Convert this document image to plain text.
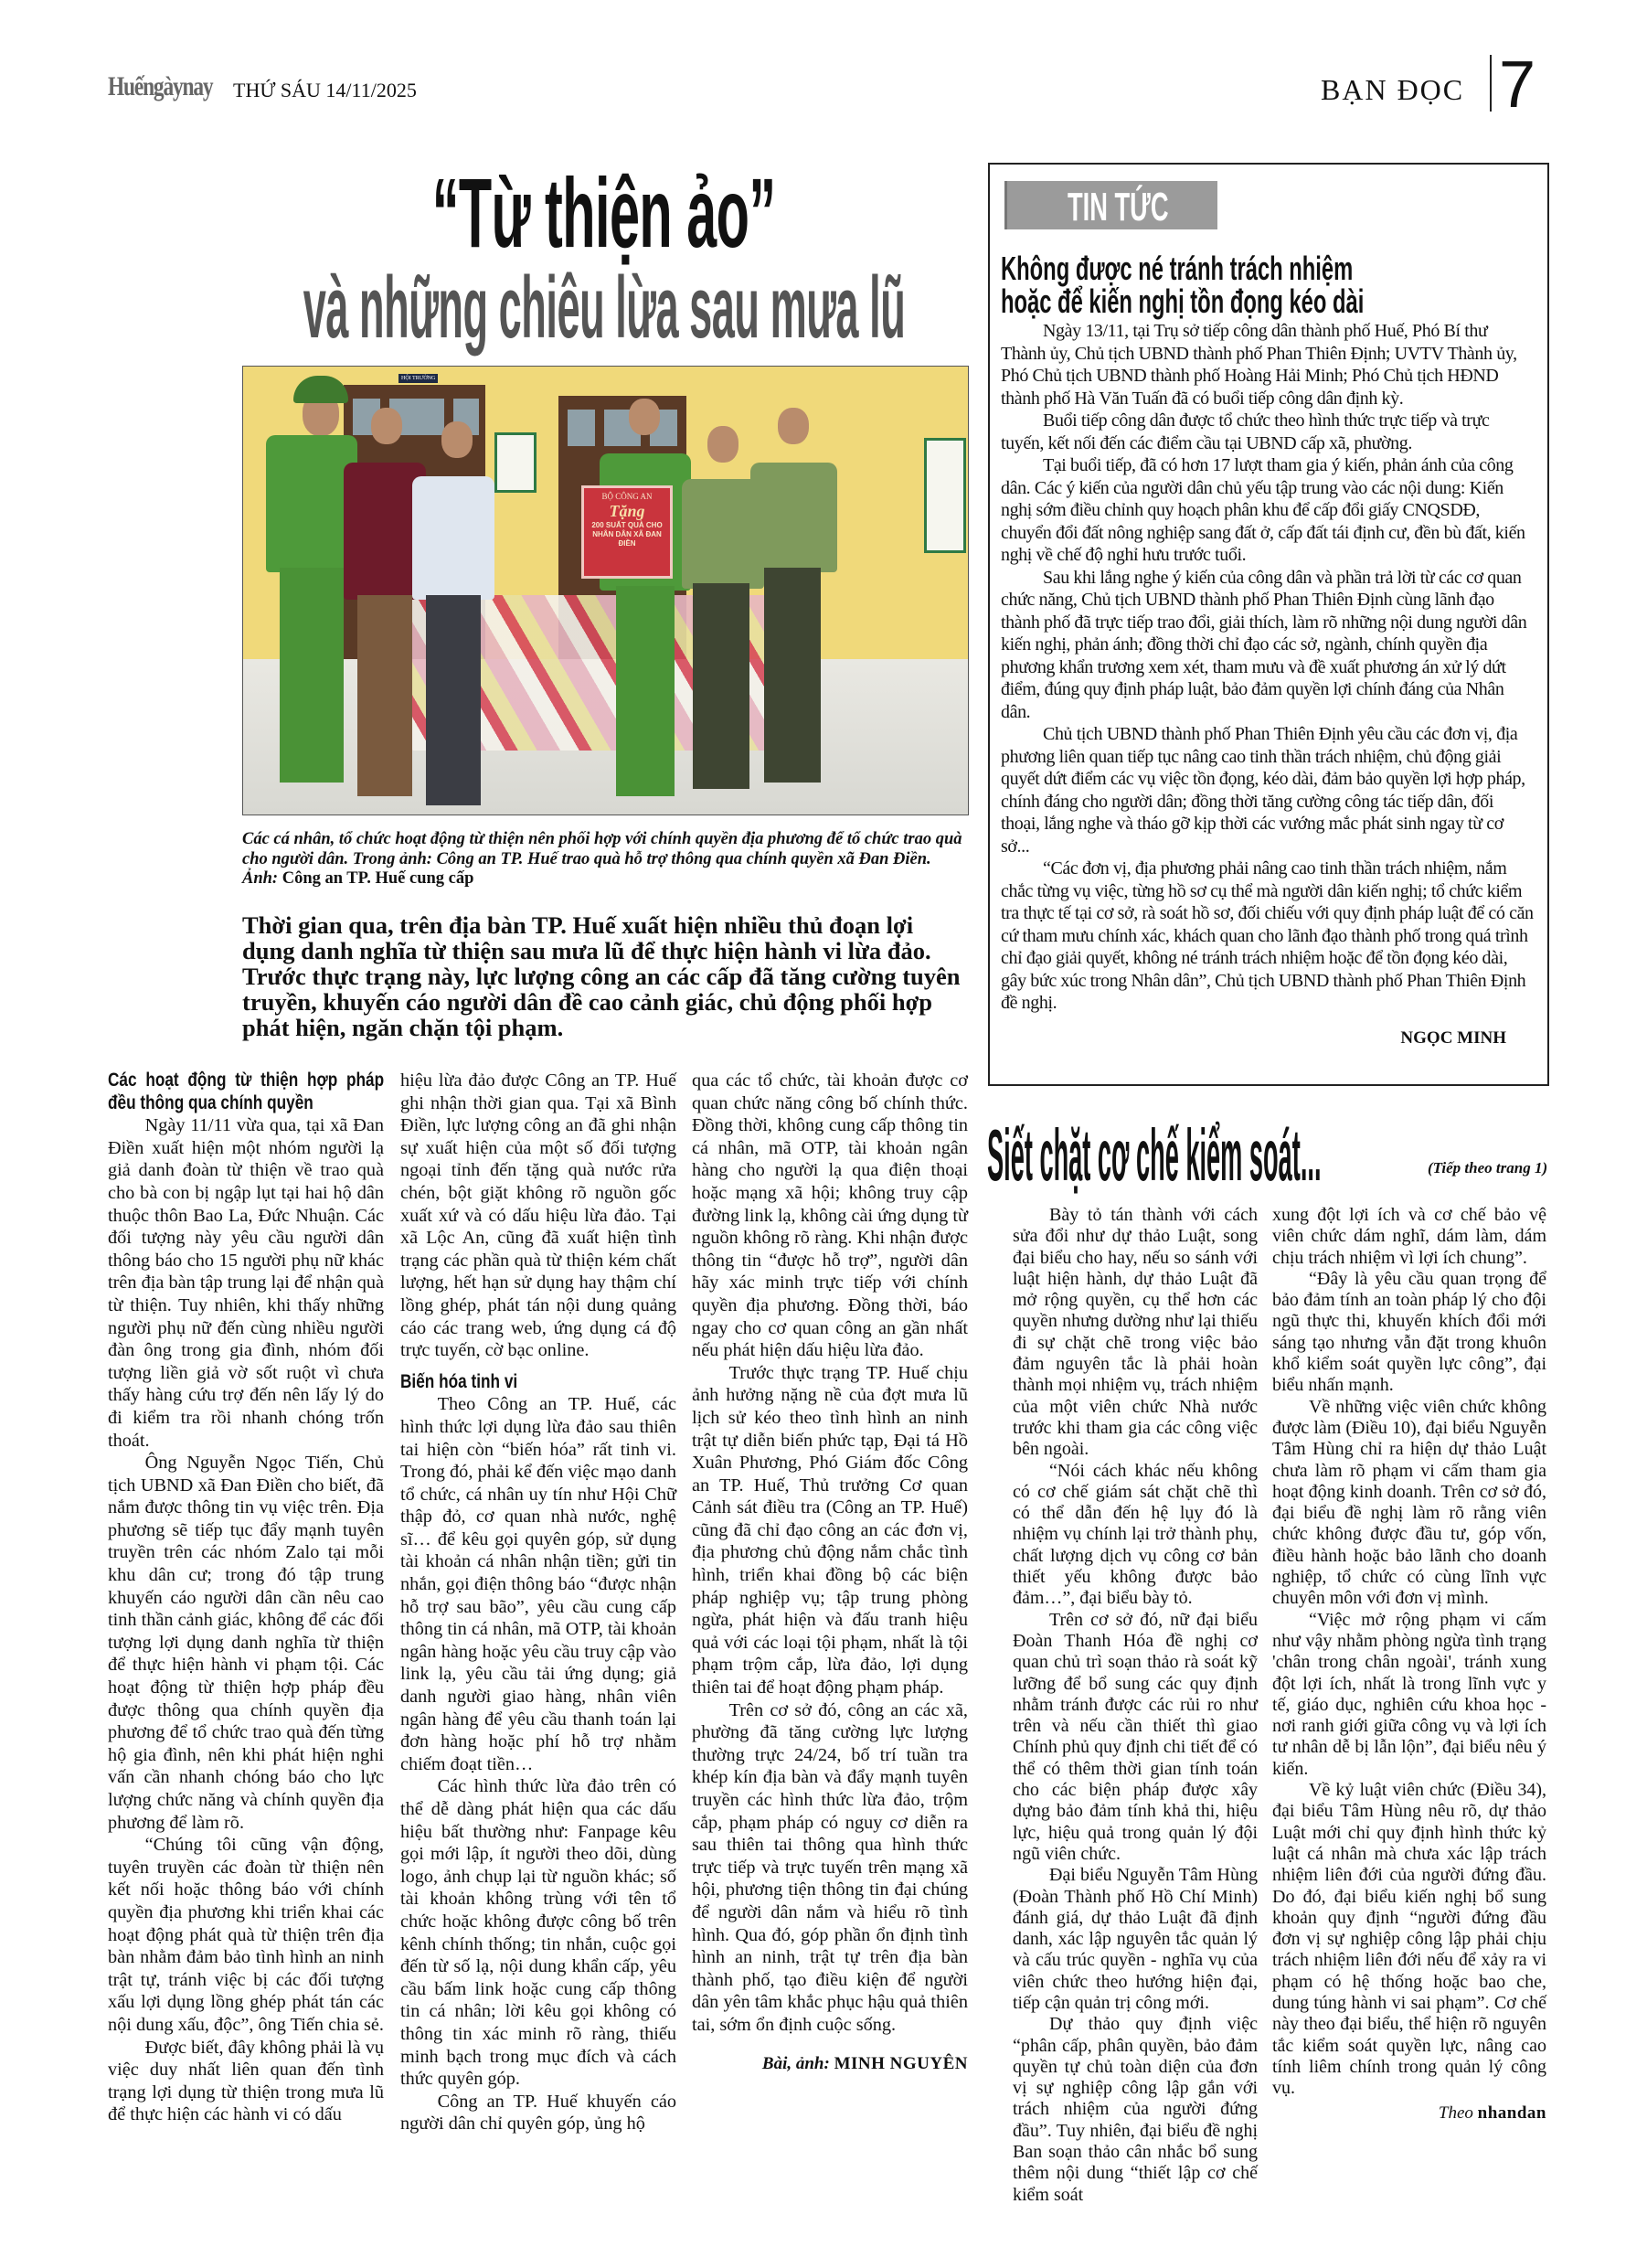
Huếngàynay THỨ SÁU 14/11/2025	BẠN ĐỌC 7
“Từ thiện ảo”
và những chiêu lừa sau mưa lũ
HỘI TRƯỜNG
BỘ CÔNG AN
Tặng
200 SUẤT QUÀ CHO
NHÂN DÂN XÃ ĐAN ĐIỀN
Các cá nhân, tổ chức hoạt động từ thiện nên phối hợp với chính quyền địa phương để tổ chức trao quà cho người dân. Trong ảnh: Công an TP. Huế trao quà hỗ trợ thông qua chính quyền xã Đan Điền. Ảnh: Công an TP. Huế cung cấp
Thời gian qua, trên địa bàn TP. Huế xuất hiện nhiều thủ đoạn lợi dụng danh nghĩa từ thiện sau mưa lũ để thực hiện hành vi lừa đảo. Trước thực trạng này, lực lượng công an các cấp đã tăng cường tuyên truyền, khuyến cáo người dân đề cao cảnh giác, chủ động phối hợp phát hiện, ngăn chặn tội phạm.

Các hoạt động từ thiện hợp pháp đều thông qua chính quyền

Ngày 11/11 vừa qua, tại xã Đan Điền xuất hiện một nhóm người lạ giả danh đoàn từ thiện về trao quà cho bà con bị ngập lụt tại hai hộ dân thuộc thôn Bao La, Đức Nhuận. Các đối tượng này yêu cầu người dân thông báo cho 15 người phụ nữ khác trên địa bàn tập trung lại để nhận quà từ thiện. Tuy nhiên, khi thấy những người phụ nữ đến cùng nhiều người đàn ông trong gia đình, nhóm đối tượng liền giả vờ sốt ruột vì chưa thấy hàng cứu trợ đến nên lấy lý do đi kiểm tra rồi nhanh chóng trốn thoát.

Ông Nguyễn Ngọc Tiến, Chủ tịch UBND xã Đan Điền cho biết, đã nắm được thông tin vụ việc trên. Địa phương sẽ tiếp tục đẩy mạnh tuyên truyền trên các nhóm Zalo tại mỗi khu dân cư; trong đó tập trung khuyến cáo người dân cần nêu cao tinh thần cảnh giác, không để các đối tượng lợi dụng danh nghĩa từ thiện để thực hiện hành vi phạm tội. Các hoạt động từ thiện hợp pháp đều được thông qua chính quyền địa phương để tổ chức trao quà đến từng hộ gia đình, nên khi phát hiện nghi vấn cần nhanh chóng báo cho lực lượng chức năng và chính quyền địa phương để làm rõ.

“Chúng tôi cũng vận động, tuyên truyền các đoàn từ thiện nên kết nối hoặc thông báo với chính quyền địa phương khi triển khai các hoạt động phát quà từ thiện trên địa bàn nhằm đảm bảo tình hình an ninh trật tự, tránh việc bị các đối tượng xấu lợi dụng lồng ghép phát tán các nội dung xấu, độc”, ông Tiến chia sẻ.

Được biết, đây không phải là vụ việc duy nhất liên quan đến tình trạng lợi dụng từ thiện trong mưa lũ để thực hiện các hành vi có dấu

hiệu lừa đảo được Công an TP. Huế ghi nhận thời gian qua. Tại xã Bình Điền, lực lượng công an đã ghi nhận sự xuất hiện của một số đối tượng ngoại tỉnh đến tặng quà nước rửa chén, bột giặt không rõ nguồn gốc xuất xứ và có dấu hiệu lừa đảo. Tại xã Lộc An, cũng đã xuất hiện tình trạng các phần quà từ thiện kém chất lượng, hết hạn sử dụng hay thậm chí lồng ghép, phát tán nội dung quảng cáo các trang web, ứng dụng cá độ trực tuyến, cờ bạc online.

Biến hóa tinh vi

Theo Công an TP. Huế, các hình thức lợi dụng lừa đảo sau thiên tai hiện còn “biến hóa” rất tinh vi. Trong đó, phải kể đến việc mạo danh tổ chức, cá nhân uy tín như Hội Chữ thập đỏ, cơ quan nhà nước, nghệ sĩ… để kêu gọi quyên góp, sử dụng tài khoản cá nhân nhận tiền; gửi tin nhắn, gọi điện thông báo “được nhận hỗ trợ sau bão”, yêu cầu cung cấp thông tin cá nhân, mã OTP, tài khoản ngân hàng hoặc yêu cầu truy cập vào link lạ, yêu cầu tải ứng dụng; giả danh người giao hàng, nhân viên ngân hàng để yêu cầu thanh toán lại đơn hàng hoặc phí hỗ trợ nhằm chiếm đoạt tiền…

Các hình thức lừa đảo trên có thể dễ dàng phát hiện qua các dấu hiệu bất thường như: Fanpage kêu gọi mới lập, ít người theo dõi, dùng logo, ảnh chụp lại từ nguồn khác; số tài khoản không trùng với tên tổ chức hoặc không được công bố trên kênh chính thống; tin nhắn, cuộc gọi đến từ số lạ, nội dung khẩn cấp, yêu cầu bấm link hoặc cung cấp thông tin cá nhân; lời kêu gọi không có thông tin xác minh rõ ràng, thiếu minh bạch trong mục đích và cách thức quyên góp.

Công an TP. Huế khuyến cáo người dân chỉ quyên góp, ủng hộ

qua các tổ chức, tài khoản được cơ quan chức năng công bố chính thức. Đồng thời, không cung cấp thông tin cá nhân, mã OTP, tài khoản ngân hàng cho người lạ qua điện thoại hoặc mạng xã hội; không truy cập đường link lạ, không cài ứng dụng từ nguồn không rõ ràng. Khi nhận được thông tin “được hỗ trợ”, người dân hãy xác minh trực tiếp với chính quyền địa phương. Đồng thời, báo ngay cho cơ quan công an gần nhất nếu phát hiện dấu hiệu lừa đảo.

Trước thực trạng TP. Huế chịu ảnh hưởng nặng nề của đợt mưa lũ lịch sử kéo theo tình hình an ninh trật tự diễn biến phức tạp, Đại tá Hồ Xuân Phương, Phó Giám đốc Công an TP. Huế, Thủ trưởng Cơ quan Cảnh sát điều tra (Công an TP. Huế) cũng đã chỉ đạo công an các đơn vị, địa phương chủ động nắm chắc tình hình, triển khai đồng bộ các biện pháp nghiệp vụ; tập trung phòng ngừa, phát hiện và đấu tranh hiệu quả với các loại tội phạm, nhất là tội phạm trộm cắp, lừa đảo, lợi dụng thiên tai để hoạt động phạm pháp.

Trên cơ sở đó, công an các xã, phường đã tăng cường lực lượng thường trực 24/24, bố trí tuần tra khép kín địa bàn và đẩy mạnh tuyên truyền các hình thức lừa đảo, trộm cắp, phạm pháp có nguy cơ diễn ra sau thiên tai thông qua hình thức trực tiếp và trực tuyến trên mạng xã hội, phương tiện thông tin đại chúng để người dân nắm và hiểu rõ tình hình. Qua đó, góp phần ổn định tình hình an ninh, trật tự trên địa bàn thành phố, tạo điều kiện để người dân yên tâm khắc phục hậu quả thiên tai, sớm ổn định cuộc sống.

Bài, ảnh: MINH NGUYÊN
TIN TỨC
Không được né tránh trách nhiệm
hoặc để kiến nghị tồn đọng kéo dài

Ngày 13/11, tại Trụ sở tiếp công dân thành phố Huế, Phó Bí thư Thành ủy, Chủ tịch UBND thành phố Phan Thiên Định; UVTV Thành ủy, Phó Chủ tịch UBND thành phố Hoàng Hải Minh; Phó Chủ tịch HĐND thành phố Hà Văn Tuấn đã có buổi tiếp công dân định kỳ.

Buổi tiếp công dân được tổ chức theo hình thức trực tiếp và trực tuyến, kết nối đến các điểm cầu tại UBND cấp xã, phường.

Tại buổi tiếp, đã có hơn 17 lượt tham gia ý kiến, phản ánh của công dân. Các ý kiến của người dân chủ yếu tập trung vào các nội dung: Kiến nghị sớm điều chỉnh quy hoạch phân khu để cấp đổi giấy CNQSDĐ, chuyển đổi đất nông nghiệp sang đất ở, cấp đất tái định cư, đền bù đất, kiến nghị về chế độ nghỉ hưu trước tuổi.

Sau khi lắng nghe ý kiến của công dân và phần trả lời từ các cơ quan chức năng, Chủ tịch UBND thành phố Phan Thiên Định cùng lãnh đạo thành phố đã trực tiếp trao đổi, giải thích, làm rõ những nội dung người dân kiến nghị, phản ánh; đồng thời chỉ đạo các sở, ngành, chính quyền địa phương khẩn trương xem xét, tham mưu và đề xuất phương án xử lý dứt điểm, đúng quy định pháp luật, bảo đảm quyền lợi chính đáng của Nhân dân.

Chủ tịch UBND thành phố Phan Thiên Định yêu cầu các đơn vị, địa phương liên quan tiếp tục nâng cao tinh thần trách nhiệm, chủ động giải quyết dứt điểm các vụ việc tồn đọng, kéo dài, đảm bảo quyền lợi hợp pháp, chính đáng cho người dân; đồng thời tăng cường công tác tiếp dân, đối thoại, lắng nghe và tháo gỡ kịp thời các vướng mắc phát sinh ngay từ cơ sở...

“Các đơn vị, địa phương phải nâng cao tinh thần trách nhiệm, nắm chắc từng vụ việc, từng hồ sơ cụ thể mà người dân kiến nghị; tổ chức kiểm tra thực tế tại cơ sở, rà soát hồ sơ, đối chiếu với quy định pháp luật để có căn cứ tham mưu chính xác, khách quan cho lãnh đạo thành phố trong quá trình chỉ đạo giải quyết, không né tránh trách nhiệm hoặc để tồn đọng kéo dài, gây bức xúc trong Nhân dân”, Chủ tịch UBND thành phố Phan Thiên Định đề nghị.

NGỌC MINH
Siết chặt cơ chế kiểm soát...	(Tiếp theo trang 1)

Bày tỏ tán thành với cách sửa đổi như dự thảo Luật, song đại biểu cho hay, nếu so sánh với luật hiện hành, dự thảo Luật đã mở rộng quyền, cụ thể hơn các quyền nhưng dường như lại thiếu đi sự chặt chẽ trong việc bảo đảm nguyên tắc là phải hoàn thành mọi nhiệm vụ, trách nhiệm của một viên chức Nhà nước trước khi tham gia các công việc bên ngoài.

“Nói cách khác nếu không có cơ chế giám sát chặt chẽ thì có thể dẫn đến hệ lụy đó là nhiệm vụ chính lại trở thành phụ, chất lượng dịch vụ công cơ bản thiết yếu không được bảo đảm…”, đại biểu bày tỏ.

Trên cơ sở đó, nữ đại biểu Đoàn Thanh Hóa đề nghị cơ quan chủ trì soạn thảo rà soát kỹ lưỡng để bổ sung các quy định nhằm tránh được các rủi ro như trên và nếu cần thiết thì giao Chính phủ quy định chi tiết để có thể có thêm thời gian tính toán cho các biện pháp được xây dựng bảo đảm tính khả thi, hiệu lực, hiệu quả trong quản lý đội ngũ viên chức.

Đại biểu Nguyễn Tâm Hùng (Đoàn Thành phố Hồ Chí Minh) đánh giá, dự thảo Luật đã định danh, xác lập nguyên tắc quản lý và cấu trúc quyền - nghĩa vụ của viên chức theo hướng hiện đại, tiếp cận quản trị công mới.

Dự thảo quy định việc “phân cấp, phân quyền, bảo đảm quyền tự chủ toàn diện của đơn vị sự nghiệp công lập gắn với trách nhiệm của người đứng đầu”. Tuy nhiên, đại biểu đề nghị Ban soạn thảo cân nhắc bổ sung thêm nội dung “thiết lập cơ chế kiểm soát

xung đột lợi ích và cơ chế bảo vệ viên chức dám nghĩ, dám làm, dám chịu trách nhiệm vì lợi ích chung”.

“Đây là yêu cầu quan trọng để bảo đảm tính an toàn pháp lý cho đội ngũ thực thi, khuyến khích đổi mới sáng tạo nhưng vẫn đặt trong khuôn khổ kiểm soát quyền lực công”, đại biểu nhấn mạnh.

Về những việc viên chức không được làm (Điều 10), đại biểu Nguyễn Tâm Hùng chỉ ra hiện dự thảo Luật chưa làm rõ phạm vi cấm tham gia hoạt động kinh doanh. Trên cơ sở đó, đại biểu đề nghị làm rõ rằng viên chức không được đầu tư, góp vốn, điều hành hoặc bảo lãnh cho doanh nghiệp, tổ chức có cùng lĩnh vực chuyên môn với đơn vị mình.

“Việc mở rộng phạm vi cấm như vậy nhằm phòng ngừa tình trạng 'chân trong chân ngoài', tránh xung đột lợi ích, nhất là trong lĩnh vực y tế, giáo dục, nghiên cứu khoa học - nơi ranh giới giữa công vụ và lợi ích tư nhân dễ bị lẫn lộn”, đại biểu nêu ý kiến.

Về kỷ luật viên chức (Điều 34), đại biểu Tâm Hùng nêu rõ, dự thảo Luật mới chỉ quy định hình thức kỷ luật cá nhân mà chưa xác lập trách nhiệm liên đới của người đứng đầu. Do đó, đại biểu kiến nghị bổ sung khoản quy định “người đứng đầu đơn vị sự nghiệp công lập phải chịu trách nhiệm liên đới nếu để xảy ra vi phạm có hệ thống hoặc bao che, dung túng hành vi sai phạm”. Cơ chế này theo đại biểu, thể hiện rõ nguyên tắc kiểm soát quyền lực, nâng cao tính liêm chính trong quản lý công vụ.

Theo nhandan
